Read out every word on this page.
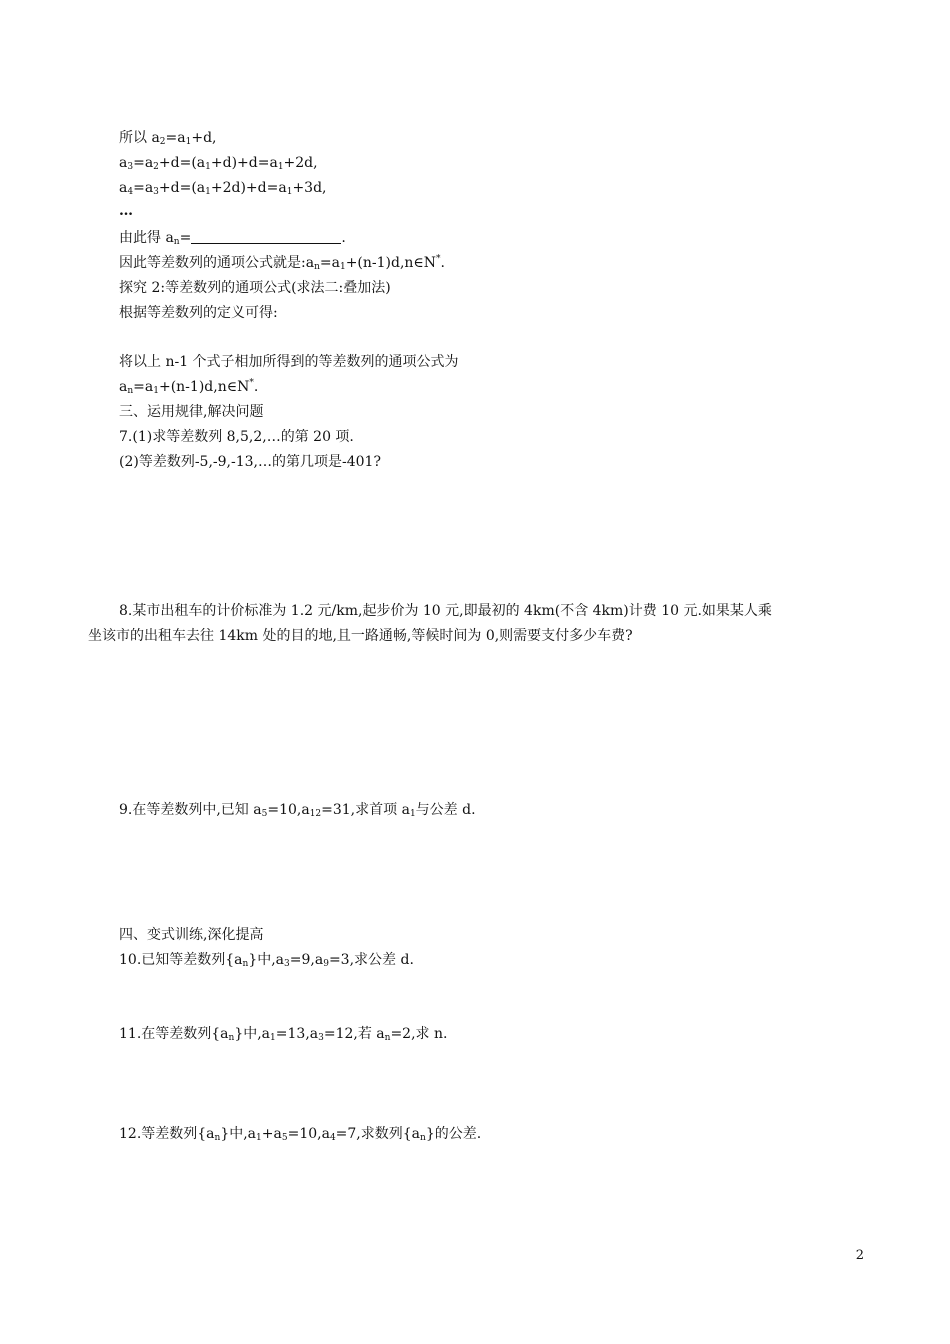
所以 $a_2=a_1+d$,
$a_3=a_2+d=(a_1+d)+d=a_1+2d$,
$a_4=a_3+d=(a_1+2d)+d=a_1+3d$,
…
由此得 $a_n=$	.
因此等差数列的通项公式就是$:a_n=a_1+(n-1)d,n\in N^*$.
探究 2:等差数列的通项公式(求法二:叠加法)
根据等差数列的定义可得:
将以上 n-1 个式子相加所得到的等差数列的通项公式为
$a_n=a_1+(n-1)d,n\in N^*$.
三、运用规律,解决问题
7.(1)求等差数列 8,5,2,…的第 20 项.
(2)等差数列-5,-9,-13,…的第几项是-401?
8.某市出租车的计价标准为 1.2 元/km,起步价为 10 元,即最初的 4km(不含 4km)计费 10 元.如果某人乘
坐该市的出租车去往 14km 处的目的地,且一路通畅,等候时间为 0,则需要支付多少车费?
9.在等差数列中,已知 $a_5=10,a_{12}=31$,求首项 $a_1$与公差 d.
四、变式训练,深化提高
10.已知等差数列$\{a_n\}$中$,a_3=9,a_9=3$,求公差 d.
11.在等差数列$\{a_n\}$中$,a_1=13,a_3=12$,若 $a_n=2$,求 n.
12.等差数列$\{a_n\}$中$,a_1+a_5=10,a_4=7$,求数列$\{a_n\}$的公差.
2
